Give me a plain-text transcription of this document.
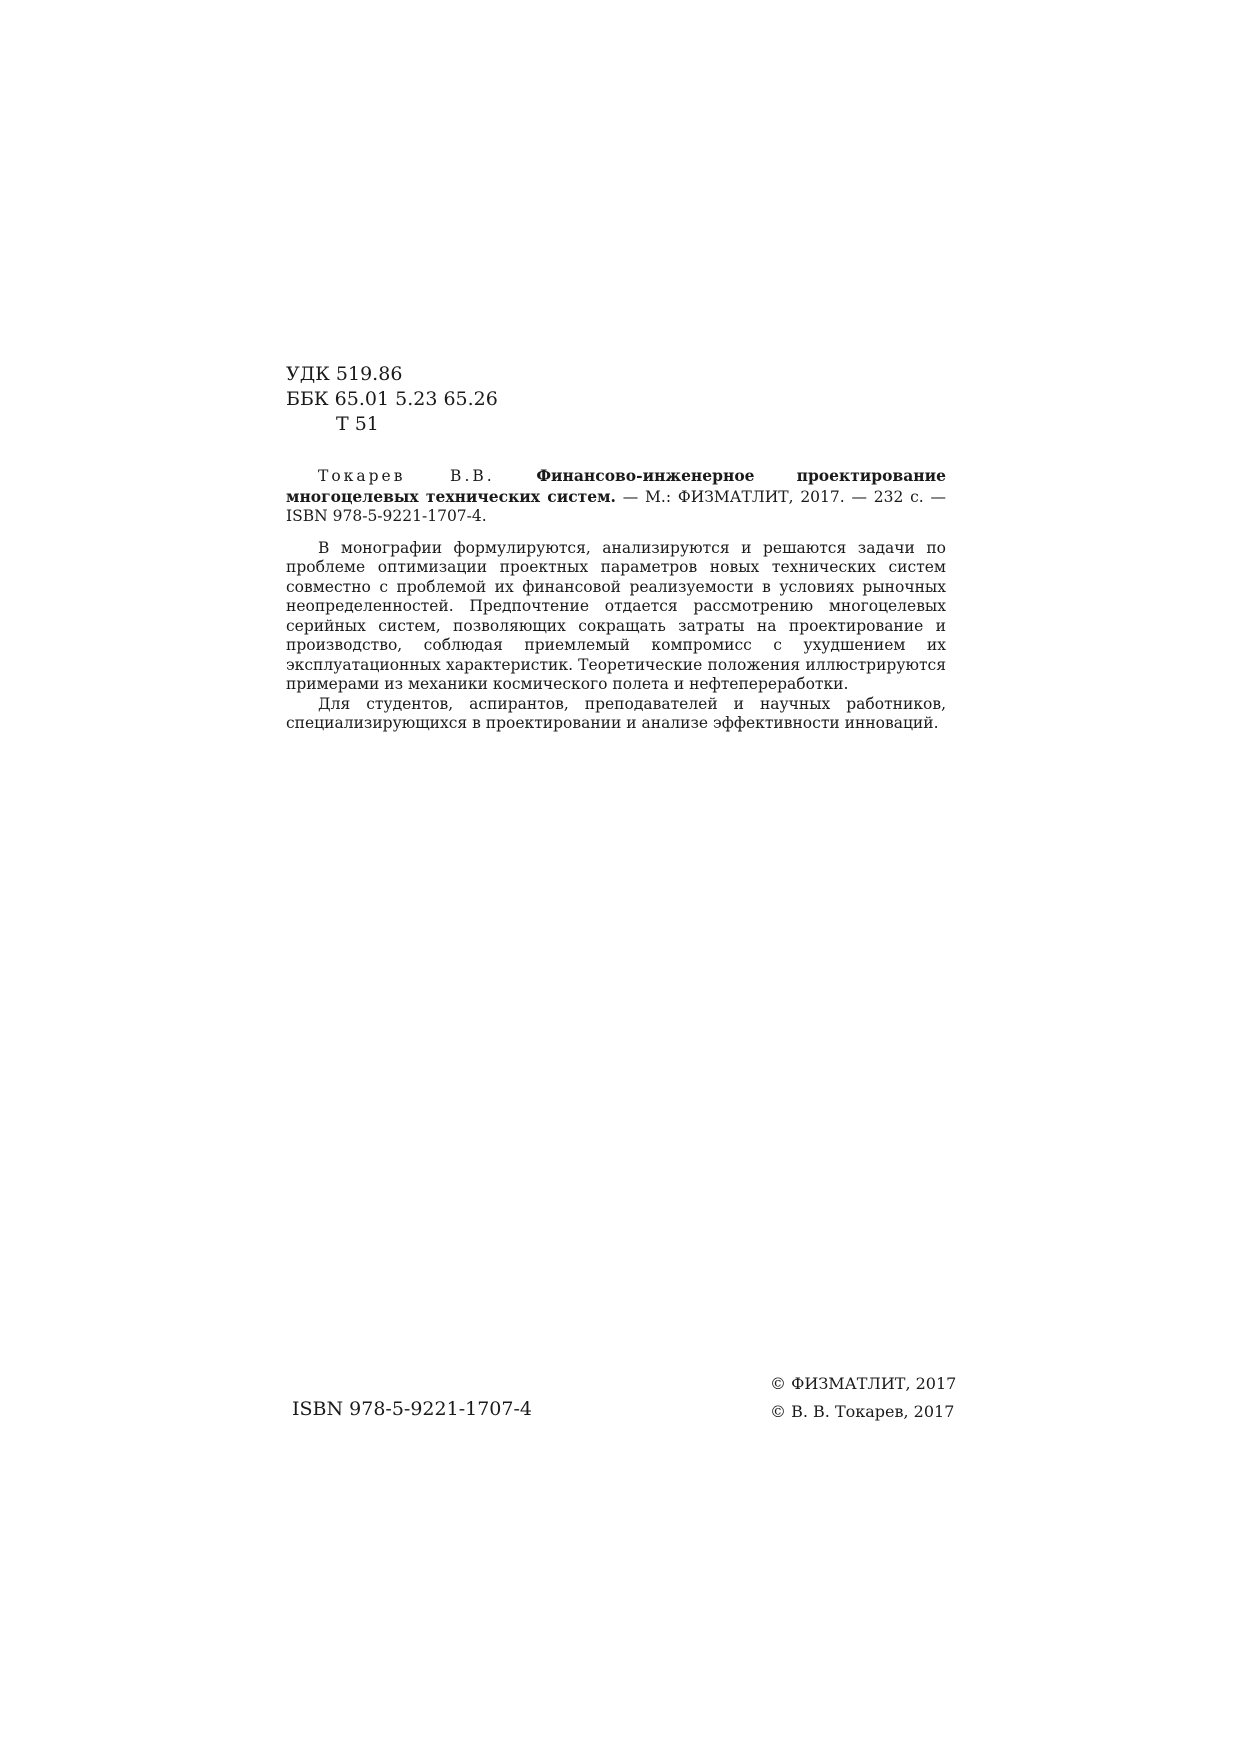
УДК 519.86
ББК 65.01 5.23 65.26
Т 51

Токарев В.В.	Финансово-инженерное проектирование многоцелевых технических систем. — М.: ФИЗМАТЛИТ, 2017. — 232 с. — ISBN 978-5-9221-1707-4.

В монографии формулируются, анализируются и решаются задачи по проблеме оптимизации проектных параметров новых технических систем совместно с проблемой их финансовой реализуемости в условиях рыночных неопределенностей. Предпочтение отдается рассмотрению многоцелевых серийных систем, позволяющих сокращать затраты на проектирование и производство, соблюдая приемлемый компромисс с ухудшением их эксплуатационных характеристик. Теоретические положения иллюстрируются примерами из механики космического полета и нефтепереработки.

Для студентов, аспирантов, преподавателей и научных работников, специализирующихся в проектировании и анализе эффективности инноваций.

ISBN 978-5-9221-1707-4
© ФИЗМАТЛИТ, 2017
© В. В. Токарев, 2017
